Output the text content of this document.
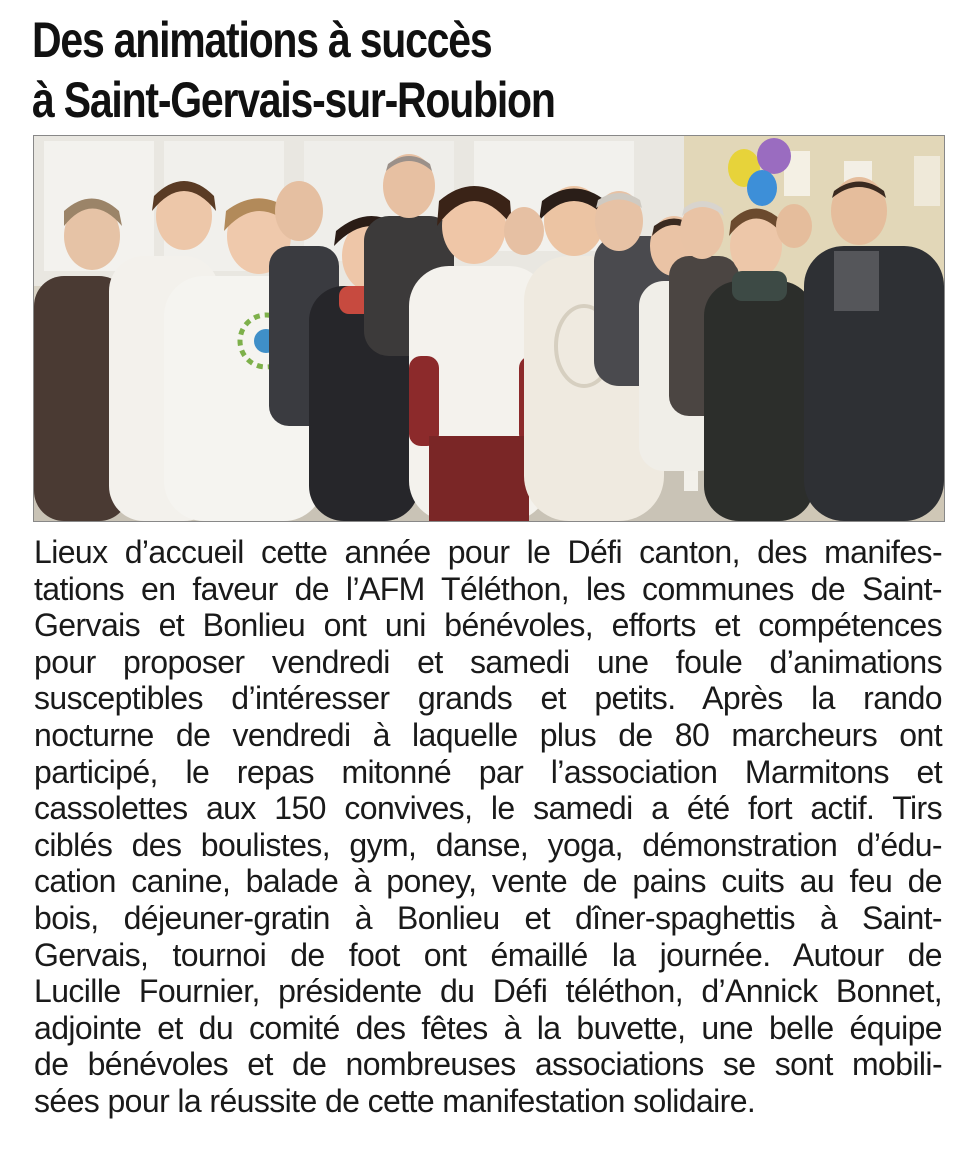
Des animations à succès
à Saint-Gervais-sur-Roubion
Lieux d’accueil cette année pour le Défi canton, des manifes-
tations en faveur de l’AFM Téléthon, les communes de Saint-
Gervais et Bonlieu ont uni bénévoles, efforts et compétences
pour proposer vendredi et samedi une foule d’animations
susceptibles d’intéresser grands et petits. Après la rando
nocturne de vendredi à laquelle plus de 80 marcheurs ont
participé, le repas mitonné par l’association Marmitons et
cassolettes aux 150 convives, le samedi a été fort actif. Tirs
ciblés des boulistes, gym, danse, yoga, démonstration d’édu-
cation canine, balade à poney, vente de pains cuits au feu de
bois, déjeuner-gratin à Bonlieu et dîner-spaghettis à Saint-
Gervais, tournoi de foot ont émaillé la journée. Autour de
Lucille Fournier, présidente du Défi téléthon, d’Annick Bonnet,
adjointe et du comité des fêtes à la buvette, une belle équipe
de bénévoles et de nombreuses associations se sont mobili-
sées pour la réussite de cette manifestation solidaire.
